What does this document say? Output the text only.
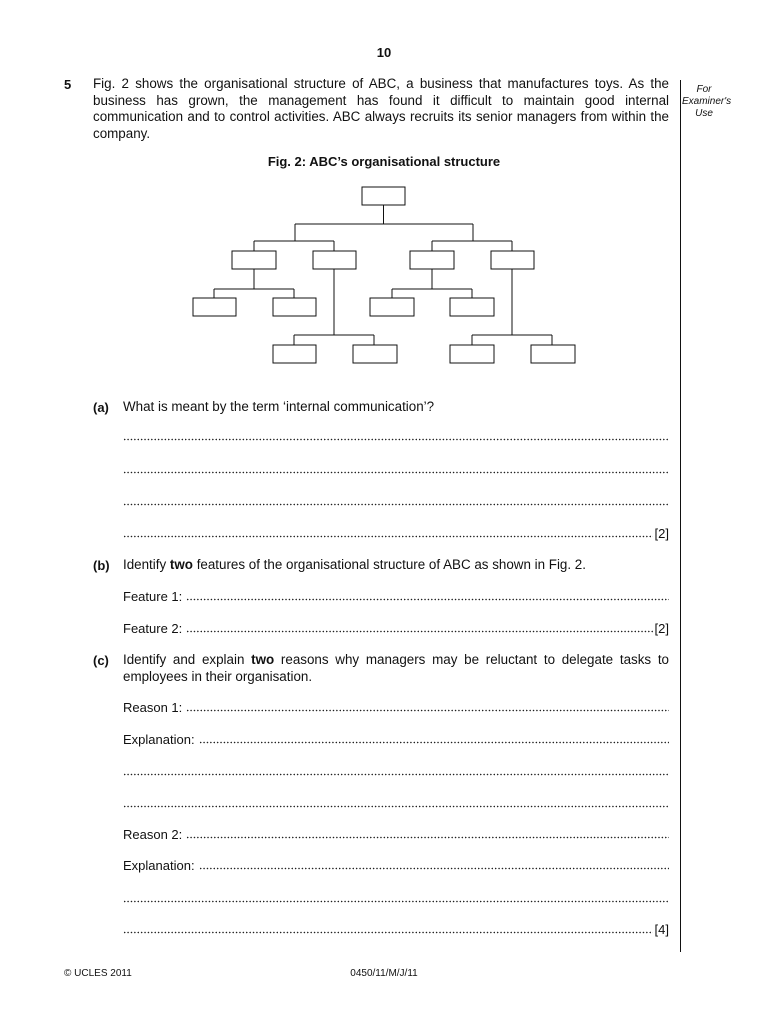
10
For Examiner's Use
5 Fig. 2 shows the organisational structure of ABC, a business that manufactures toys. As the business has grown, the management has found it difficult to maintain good internal communication and to control activities. ABC always recruits its senior managers from within the company.
Fig. 2: ABC’s organisational structure
(a) What is meant by the term ‘internal communication’?
[2]
(b) Identify two features of the organisational structure of ABC as shown in Fig. 2.
Feature 1:
Feature 2:	[2]
(c) Identify and explain two reasons why managers may be reluctant to delegate tasks to employees in their organisation.
Reason 1:
Explanation:
Reason 2:
Explanation:
[4]
© UCLES 2011	0450/11/M/J/11
